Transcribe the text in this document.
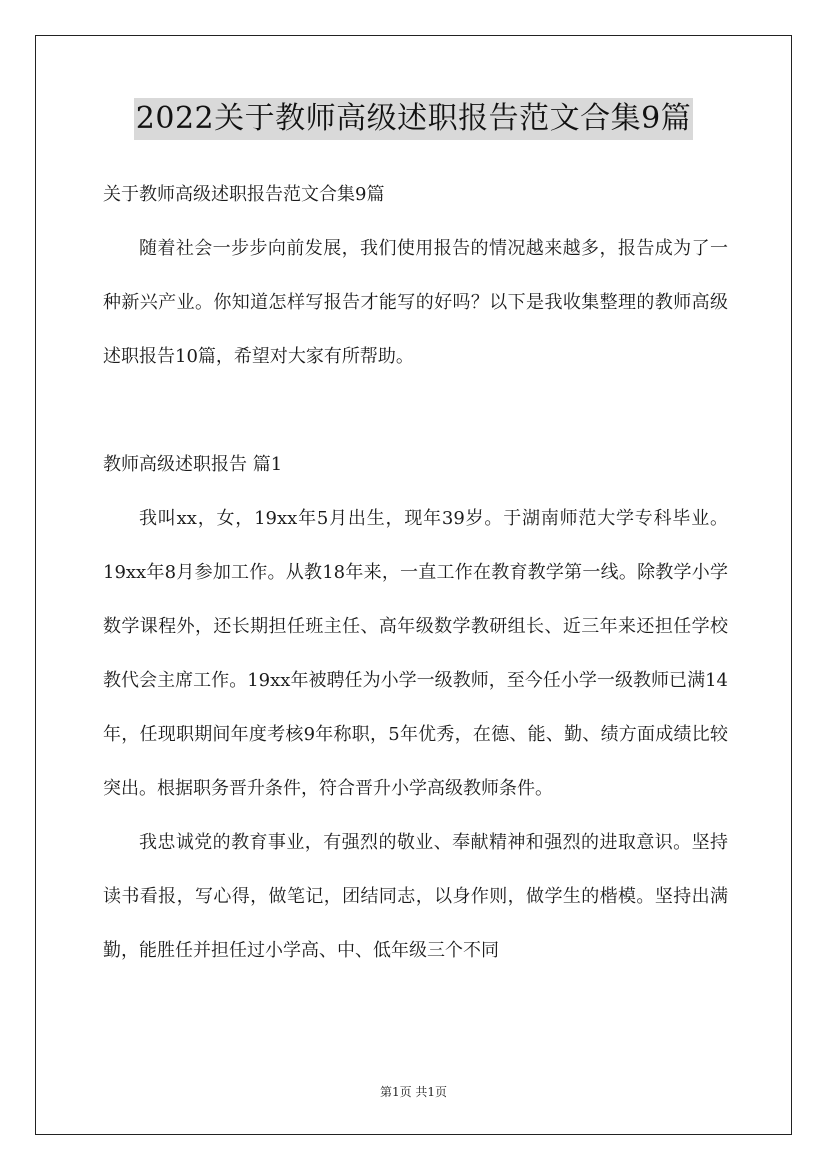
2022关于教师高级述职报告范文合集9篇

关于教师高级述职报告范文合集9篇

随着社会一步步向前发展，我们使用报告的情况越来越多，报告成为了一种新兴产业。你知道怎样写报告才能写的好吗？以下是我收集整理的教师高级述职报告10篇，希望对大家有所帮助。

教师高级述职报告 篇1

我叫xx，女，19xx年5月出生，现年39岁。于湖南师范大学专科毕业。19xx年8月参加工作。从教18年来，一直工作在教育教学第一线。除教学小学数学课程外，还长期担任班主任、高年级数学教研组长、近三年来还担任学校教代会主席工作。19xx年被聘任为小学一级教师，至今任小学一级教师已满14年，任现职期间年度考核9年称职，5年优秀，在德、能、勤、绩方面成绩比较突出。根据职务晋升条件，符合晋升小学高级教师条件。

我忠诚党的教育事业，有强烈的敬业、奉献精神和强烈的进取意识。坚持读书看报，写心得，做笔记，团结同志，以身作则，做学生的楷模。坚持出满勤，能胜任并担任过小学高、中、低年级三个不同

第1页 共1页
